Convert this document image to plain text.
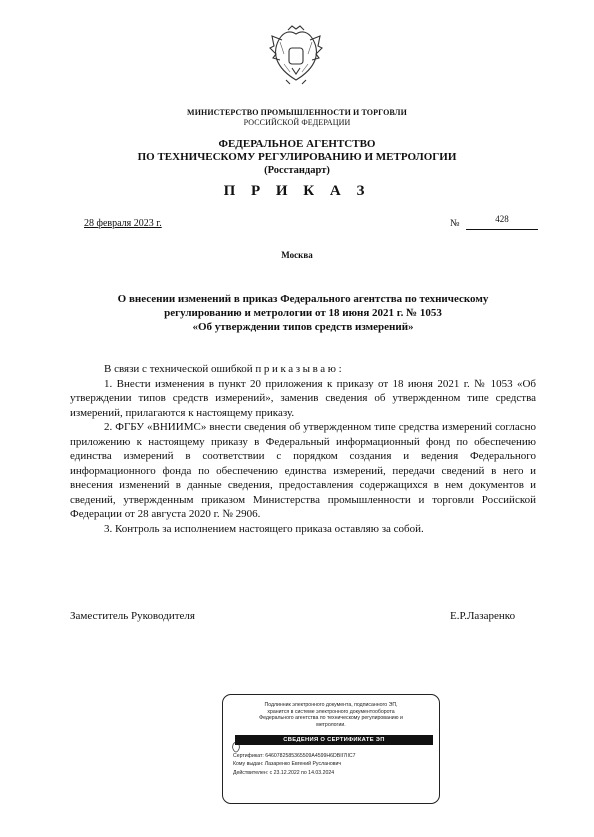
МИНИСТЕРСТВО ПРОМЫШЛЕННОСТИ И ТОРГОВЛИ
РОССИЙСКОЙ ФЕДЕРАЦИИ
ФЕДЕРАЛЬНОЕ АГЕНТСТВО
ПО ТЕХНИЧЕСКОМУ РЕГУЛИРОВАНИЮ И МЕТРОЛОГИИ
(Росстандарт)
П Р И К А З
28 февраля 2023 г.	№	428
Москва
О внесении изменений в приказ Федерального агентства по техническому
регулированию и метрологии от 18 июня 2021 г. № 1053
«Об утверждении типов средств измерений»

В связи с технической ошибкой приказываю:

1. Внести изменения в пункт 20 приложения к приказу от 18 июня 2021 г. № 1053 «Об утверждении типов средств измерений», заменив сведения об утвержденном типе средства измерений, прилагаются к настоящему приказу.

2. ФГБУ «ВНИИМС» внести сведения об утвержденном типе средства измерений согласно приложению к настоящему приказу в Федеральный информационный фонд по обеспечению единства измерений в соответствии с порядком создания и ведения Федерального информационного фонда по обеспечению единства измерений, передачи сведений в него и внесения изменений в данные сведения, предоставления содержащихся в нем документов и сведений, утвержденным приказом Министерства промышленности и торговли Российской Федерации от 28 августа 2020 г. № 2906.

3. Контроль за исполнением настоящего приказа оставляю за собой.

Заместитель Руководителя	Е.Р.Лазаренко
Подлинник электронного документа, подписанного ЭП,
хранится в системе электронного документооборота
Федерального агентства по техническому регулированию и
метрологии.
СВЕДЕНИЯ О СЕРТИФИКАТЕ ЭП
Сертификат: 6460782585365509A4599H6DBII7IIC7
Кому выдан: Лазаренко Евгений Русланович
Действителен: с 23.12.2022 по 14.03.2024
